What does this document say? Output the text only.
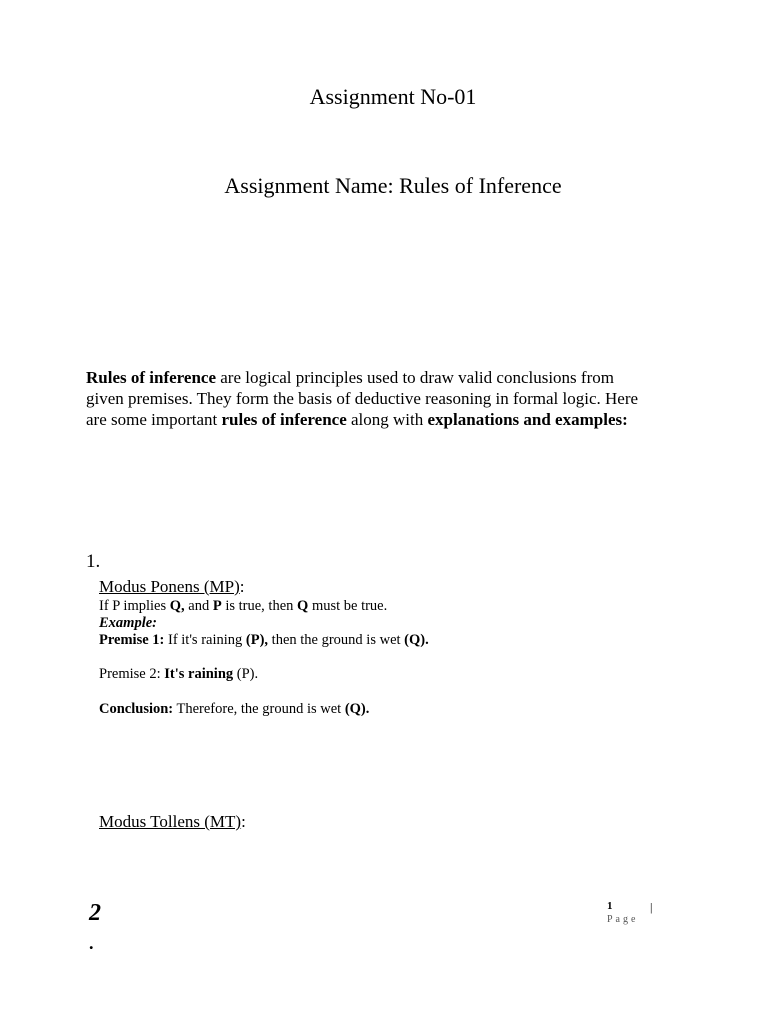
Assignment No-01
Assignment Name: Rules of Inference

Rules of inference are logical principles used to draw valid conclusions from given premises. They form the basis of deductive reasoning in formal logic. Here are some important rules of inference along with explanations and examples:

1.
Modus Ponens (MP):
If P implies Q, and P is true, then Q must be true.
Example:
Premise 1: If it's raining (P), then the ground is wet (Q).
Premise 2: It's raining (P).
Conclusion: Therefore, the ground is wet (Q).
Modus Tollens (MT):
2
.
1	|
Page
